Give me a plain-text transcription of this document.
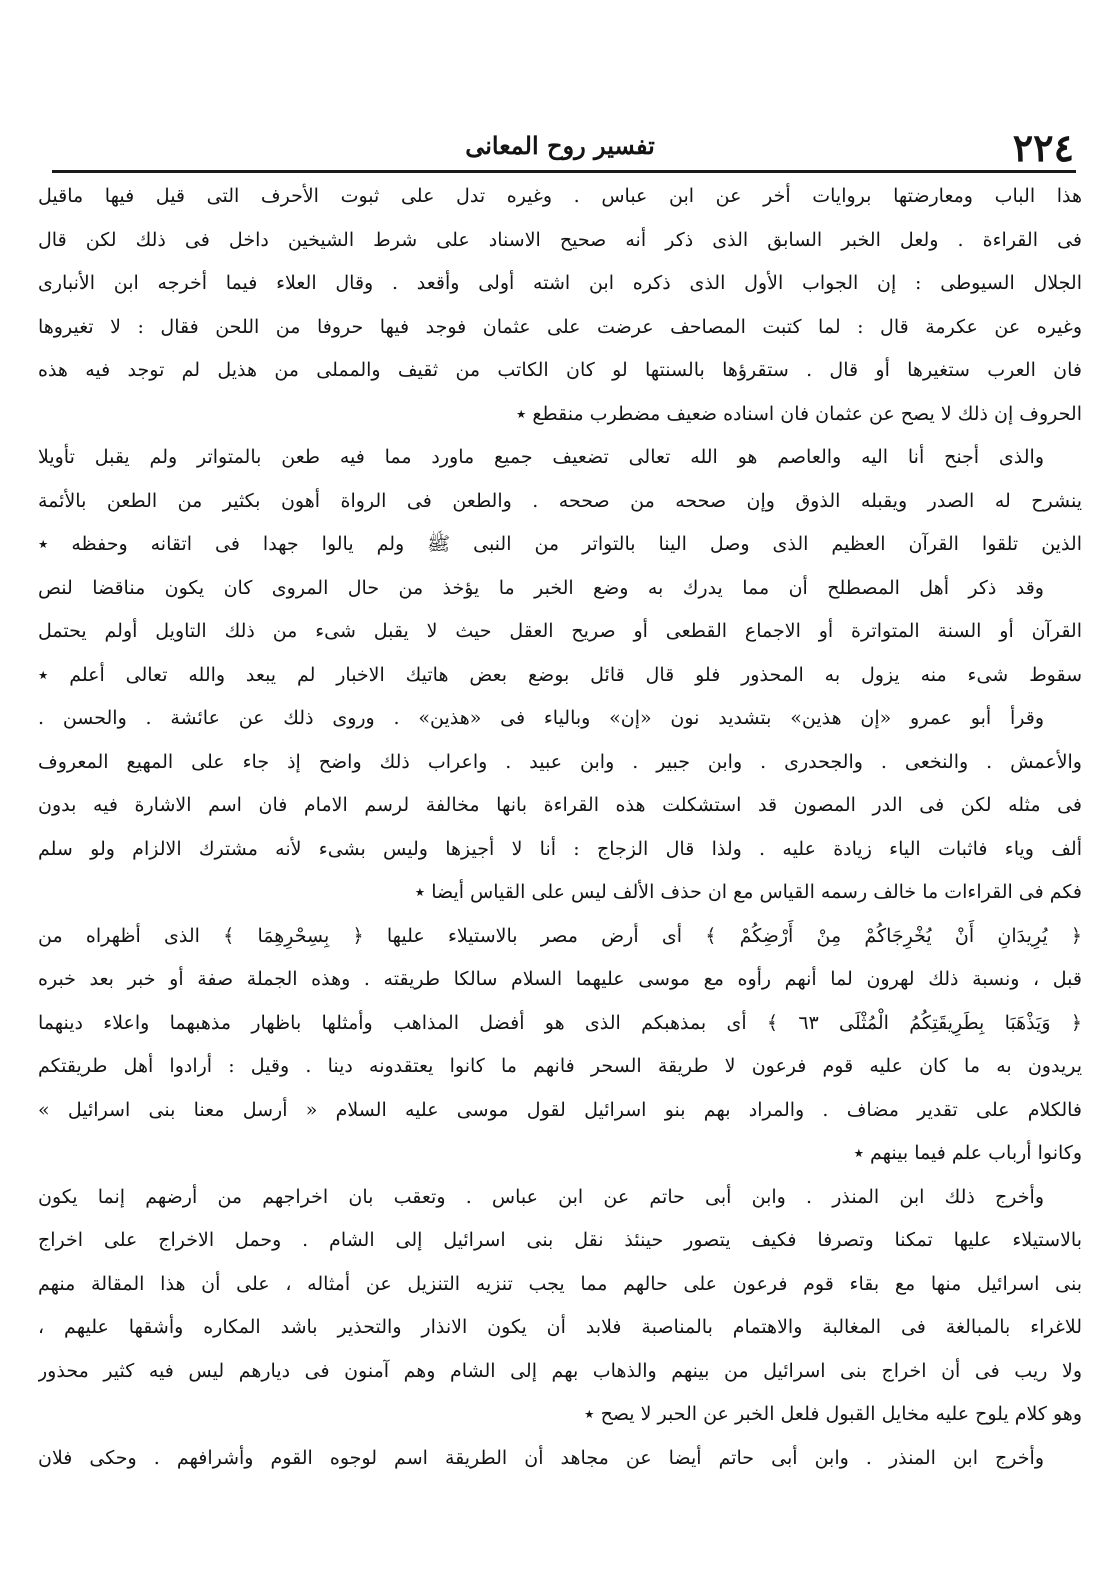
٢٢٤
تفسير روح المعانى
هذا الباب ومعارضتها بروايات أخر عن ابن عباس . وغيره تدل على ثبوت الأحرف التى قيل فيها ماقيل
فى القراءة . ولعل الخبر السابق الذى ذكر أنه صحيح الاسناد على شرط الشيخين داخل فى ذلك لكن قال
الجلال السيوطى : إن الجواب الأول الذى ذكره ابن اشته أولى وأقعد . وقال العلاء فيما أخرجه ابن الأنبارى
وغيره عن عكرمة قال : لما كتبت المصاحف عرضت على عثمان فوجد فيها حروفا من اللحن فقال : لا تغيروها
فان العرب ستغيرها أو قال . ستقرؤها بالسنتها لو كان الكاتب من ثقيف والمملى من هذيل لم توجد فيه هذه
الحروف إن ذلك لا يصح عن عثمان فان اسناده ضعيف مضطرب منقطع ٭
والذى أجنح أنا اليه والعاصم هو الله تعالى تضعيف جميع ماورد مما فيه طعن بالمتواتر ولم يقبل تأويلا
ينشرح له الصدر ويقبله الذوق وإن صححه من صححه . والطعن فى الرواة أهون بكثير من الطعن بالأئمة
الذين تلقوا القرآن العظيم الذى وصل الينا بالتواتر من النبى ﷺ ولم يالوا جهدا فى اتقانه وحفظه ٭
وقد ذكر أهل المصطلح أن مما يدرك به وضع الخبر ما يؤخذ من حال المروى كان يكون مناقضا لنص
القرآن أو السنة المتواترة أو الاجماع القطعى أو صريح العقل حيث لا يقبل شىء من ذلك التاويل أولم يحتمل
سقوط شىء منه يزول به المحذور فلو قال قائل بوضع بعض هاتيك الاخبار لم يبعد والله تعالى أعلم ٭
وقرأ أبو عمرو «إن هذين» بتشديد نون «إن» وبالياء فى «هذين» . وروى ذلك عن عائشة . والحسن .
والأعمش . والنخعى . والجحدرى . وابن جبير . وابن عبيد . واعراب ذلك واضح إذ جاء على المهيع المعروف
فى مثله لكن فى الدر المصون قد استشكلت هذه القراءة بانها مخالفة لرسم الامام فان اسم الاشارة فيه بدون
ألف وياء فاثبات الياء زيادة عليه . ولذا قال الزجاج : أنا لا أجيزها وليس بشىء لأنه مشترك الالزام ولو سلم
فكم فى القراءات ما خالف رسمه القياس مع ان حذف الألف ليس على القياس أيضا ٭
﴿ يُرِيدَانِ أَنْ يُخْرِجَاكُمْ مِنْ أَرْضِكُمْ ﴾ أى أرض مصر بالاستيلاء عليها ﴿ بِسِحْرِهِمَا ﴾ الذى أظهراه من
قبل ، ونسبة ذلك لهرون لما أنهم رأوه مع موسى عليهما السلام سالكا طريقته . وهذه الجملة صفة أو خبر بعد خبره
﴿ وَيَذْهَبَا بِطَرِيقَتِكُمُ الْمُثْلَى ٦٣ ﴾ أى بمذهبكم الذى هو أفضل المذاهب وأمثلها باظهار مذهبهما واعلاء دينهما
يريدون به ما كان عليه قوم فرعون لا طريقة السحر فانهم ما كانوا يعتقدونه دينا . وقيل : أرادوا أهل طريقتكم
فالكلام على تقدير مضاف . والمراد بهم بنو اسرائيل لقول موسى عليه السلام « أرسل معنا بنى اسرائيل »
وكانوا أرباب علم فيما بينهم ٭
وأخرج ذلك ابن المنذر . وابن أبى حاتم عن ابن عباس . وتعقب بان اخراجهم من أرضهم إنما يكون
بالاستيلاء عليها تمكنا وتصرفا فكيف يتصور حينئذ نقل بنى اسرائيل إلى الشام . وحمل الاخراج على اخراج
بنى اسرائيل منها مع بقاء قوم فرعون على حالهم مما يجب تنزيه التنزيل عن أمثاله ، على أن هذا المقالة منهم
للاغراء بالمبالغة فى المغالبة والاهتمام بالمناصبة فلابد أن يكون الانذار والتحذير باشد المكاره وأشقها عليهم ،
ولا ريب فى أن اخراج بنى اسرائيل من بينهم والذهاب بهم إلى الشام وهم آمنون فى ديارهم ليس فيه كثير محذور
وهو كلام يلوح عليه مخايل القبول فلعل الخبر عن الحبر لا يصح ٭
وأخرج ابن المنذر . وابن أبى حاتم أيضا عن مجاهد أن الطريقة اسم لوجوه القوم وأشرافهم . وحكى فلان
